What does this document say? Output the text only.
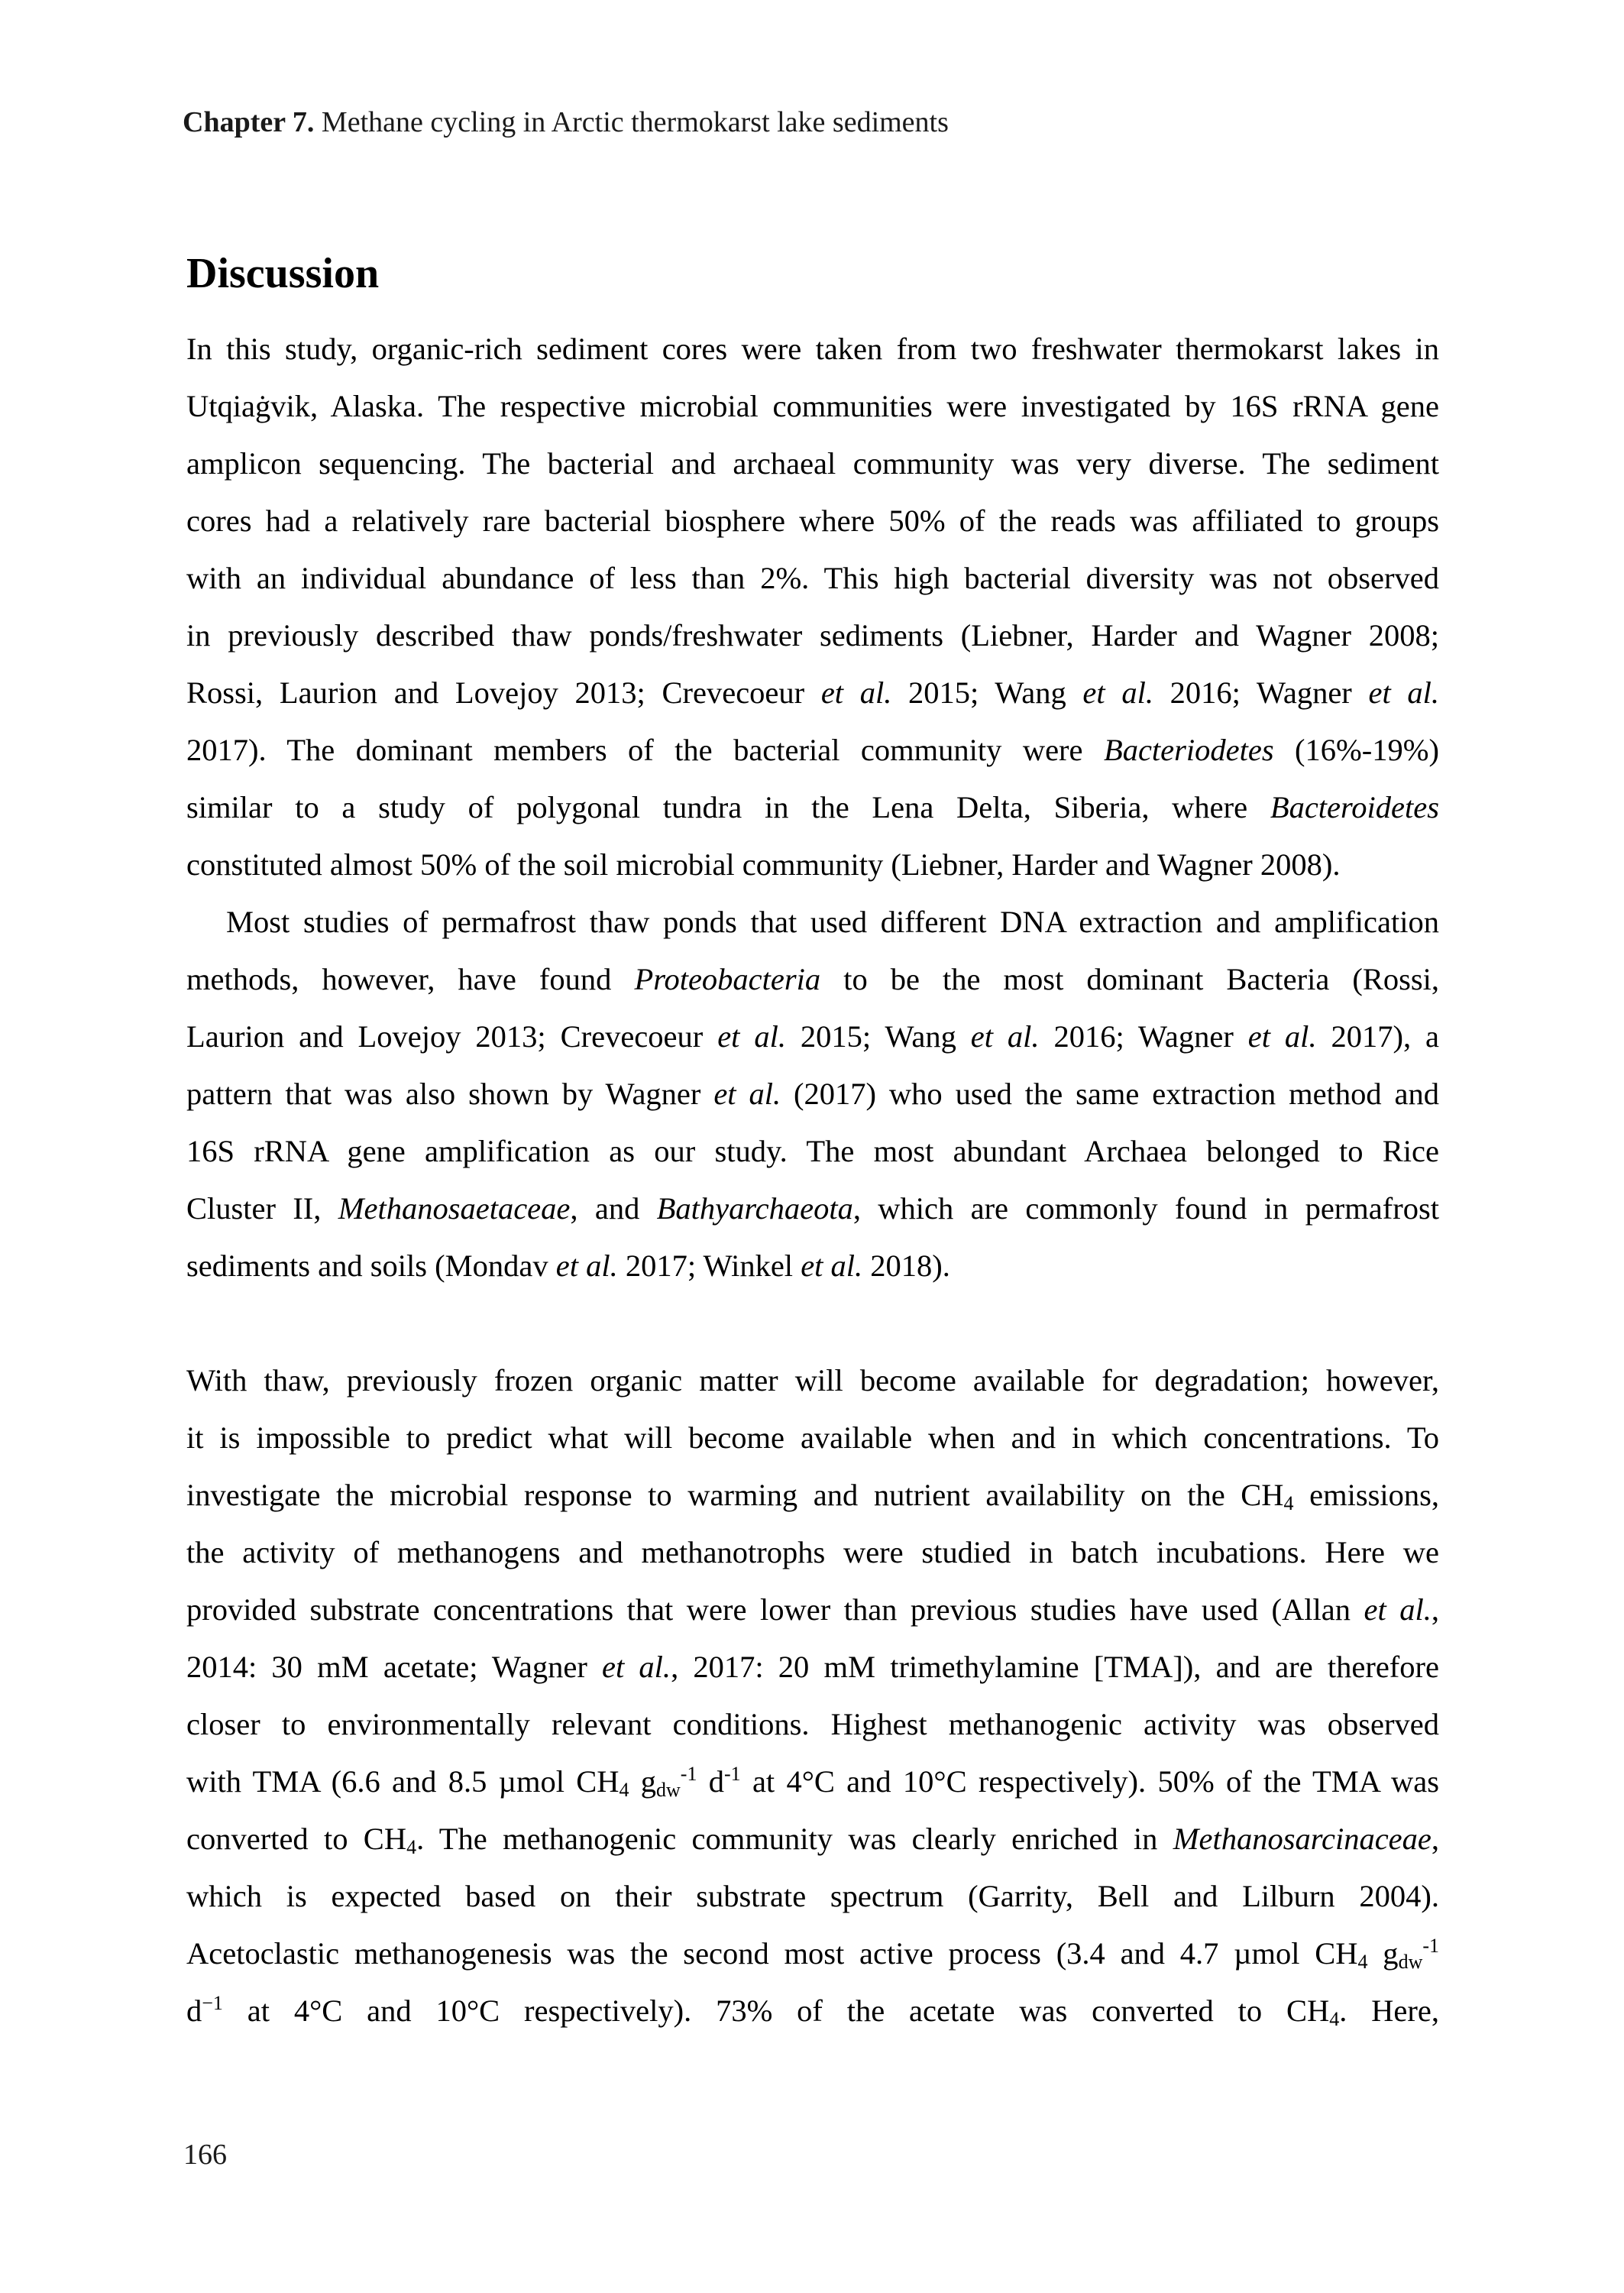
Chapter 7. Methane cycling in Arctic thermokarst lake sediments
Discussion
In this study, organic-rich sediment cores were taken from two freshwater thermokarst lakes in
Utqiaġvik, Alaska. The respective microbial communities were investigated by 16S rRNA gene
amplicon sequencing. The bacterial and archaeal community was very diverse. The sediment
cores had a relatively rare bacterial biosphere where 50% of the reads was affiliated to groups
with an individual abundance of less than 2%. This high bacterial diversity was not observed
in previously described thaw ponds/freshwater sediments (Liebner, Harder and Wagner 2008;
Rossi, Laurion and Lovejoy 2013; Crevecoeur et al. 2015; Wang et al. 2016; Wagner et al.
2017). The dominant members of the bacterial community were Bacteriodetes (16%-19%)
similar to a study of polygonal tundra in the Lena Delta, Siberia, where Bacteroidetes
constituted almost 50% of the soil microbial community (Liebner, Harder and Wagner 2008).
Most studies of permafrost thaw ponds that used different DNA extraction and amplification
methods, however, have found Proteobacteria to be the most dominant Bacteria (Rossi,
Laurion and Lovejoy 2013; Crevecoeur et al. 2015; Wang et al. 2016; Wagner et al. 2017), a
pattern that was also shown by Wagner et al. (2017) who used the same extraction method and
16S rRNA gene amplification as our study. The most abundant Archaea belonged to Rice
Cluster II, Methanosaetaceae, and Bathyarchaeota, which are commonly found in permafrost
sediments and soils (Mondav et al. 2017; Winkel et al. 2018).
With thaw, previously frozen organic matter will become available for degradation; however,
it is impossible to predict what will become available when and in which concentrations. To
investigate the microbial response to warming and nutrient availability on the $CH_4$ emissions,
the activity of methanogens and methanotrophs were studied in batch incubations. Here we
provided substrate concentrations that were lower than previous studies have used (Allan et al.,
2014: 30 mM acetate; Wagner et al., 2017: 20 mM trimethylamine [TMA]), and are therefore
closer to environmentally relevant conditions. Highest methanogenic activity was observed
with TMA (6.6 and 8.5 µmol $CH_4$ $g_{dw}^{-1}$ $d^{-1}$ at 4°C and 10°C respectively). 50% of the TMA was
converted to $CH_4$. The methanogenic community was clearly enriched in Methanosarcinaceae,
which is expected based on their substrate spectrum (Garrity, Bell and Lilburn 2004).
Acetoclastic methanogenesis was the second most active process (3.4 and 4.7 µmol $CH_4$ $g_{dw}^{-1}$
$d^{-1}$ at 4°C and 10°C respectively). 73% of the acetate was converted to $CH_4$. Here,
166
